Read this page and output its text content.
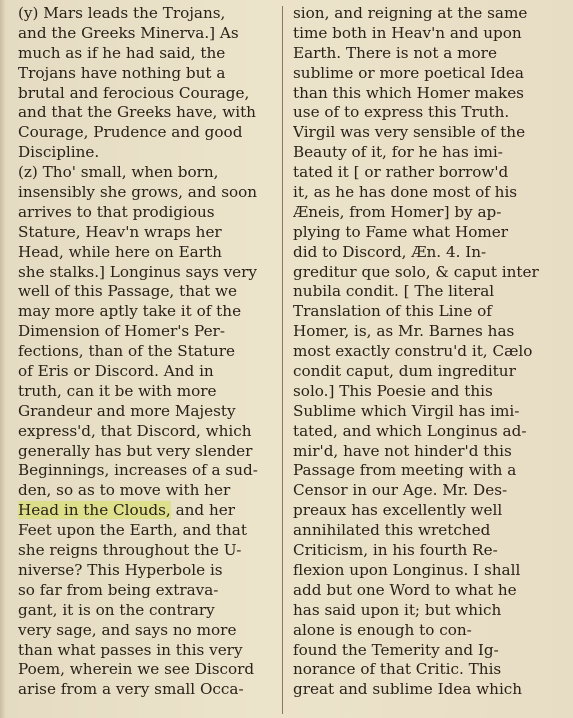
(y) Mars leads the Trojans,
and the Greeks Minerva.] As
much as if he had said, the
Trojans have nothing but a
brutal and ferocious Courage,
and that the Greeks have, with
Courage, Prudence and good
Discipline.
(z) Tho' small, when born,
insensibly she grows, and soon
arrives to that prodigious
Stature, Heav'n wraps her
Head, while here on Earth
she stalks.] Longinus says very
well of this Passage, that we
may more aptly take it of the
Dimension of Homer's Per-
fections, than of the Stature
of Eris or Discord. And in
truth, can it be with more
Grandeur and more Majesty
express'd, that Discord, which
generally has but very slender
Beginnings, increases of a sud-
den, so as to move with her
Head in the Clouds, and her
Feet upon the Earth, and that
she reigns throughout the U-
niverse? This Hyperbole is
so far from being extrava-
gant, it is on the contrary
very sage, and says no more
than what passes in this very
Poem, wherein we see Discord
arise from a very small Occa-
sion, and reigning at the same
time both in Heav'n and upon
Earth. There is not a more
sublime or more poetical Idea
than this which Homer makes
use of to express this Truth.
Virgil was very sensible of the
Beauty of it, for he has imi-
tated it [ or rather borrow'd
it, as he has done most of his
Æneis, from Homer] by ap-
plying to Fame what Homer
did to Discord, Æn. 4. In-
greditur que solo, & caput inter
nubila condit. [ The literal
Translation of this Line of
Homer, is, as Mr. Barnes has
most exactly constru'd it, Cælo
condit caput, dum ingreditur
solo.] This Poesie and this
Sublime which Virgil has imi-
tated, and which Longinus ad-
mir'd, have not hinder'd this
Passage from meeting with a
Censor in our Age. Mr. Des-
preaux has excellently well
annihilated this wretched
Criticism, in his fourth Re-
flexion upon Longinus. I shall
add but one Word to what he
has said upon it; but which
alone is enough to con-
found the Temerity and Ig-
norance of that Critic. This
great and sublime Idea which
